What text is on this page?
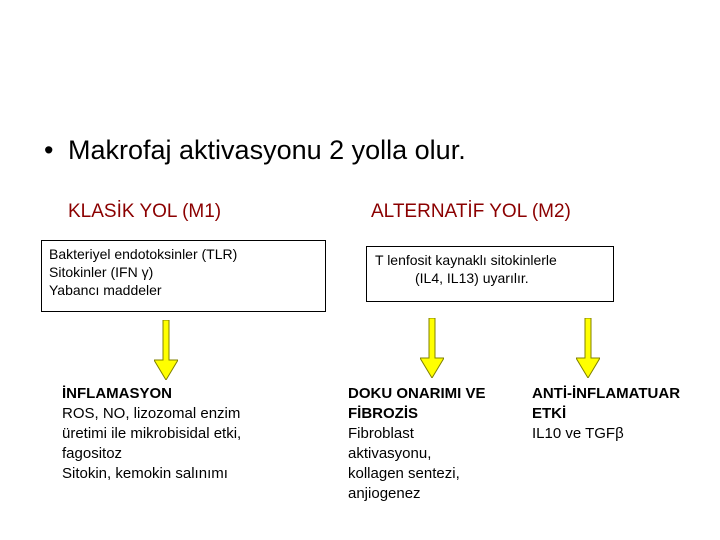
• Makrofaj aktivasyonu 2 yolla olur.
KLASİK YOL (M1)	ALTERNATİF YOL (M2)
Bakteriyel endotoksinler (TLR)
Sitokinler (IFN γ)
Yabancı maddeler
T lenfosit kaynaklı sitokinlerle
(IL4, IL13) uyarılır.
İNFLAMASYON
ROS, NO, lizozomal enzim
üretimi ile mikrobisidal etki,
fagositoz
Sitokin, kemokin salınımı
DOKU ONARIMI VE
FİBROZİS
Fibroblast
aktivasyonu,
kollagen sentezi,
anjiogenez
ANTİ-İNFLAMATUAR
ETKİ
IL10 ve TGFβ
